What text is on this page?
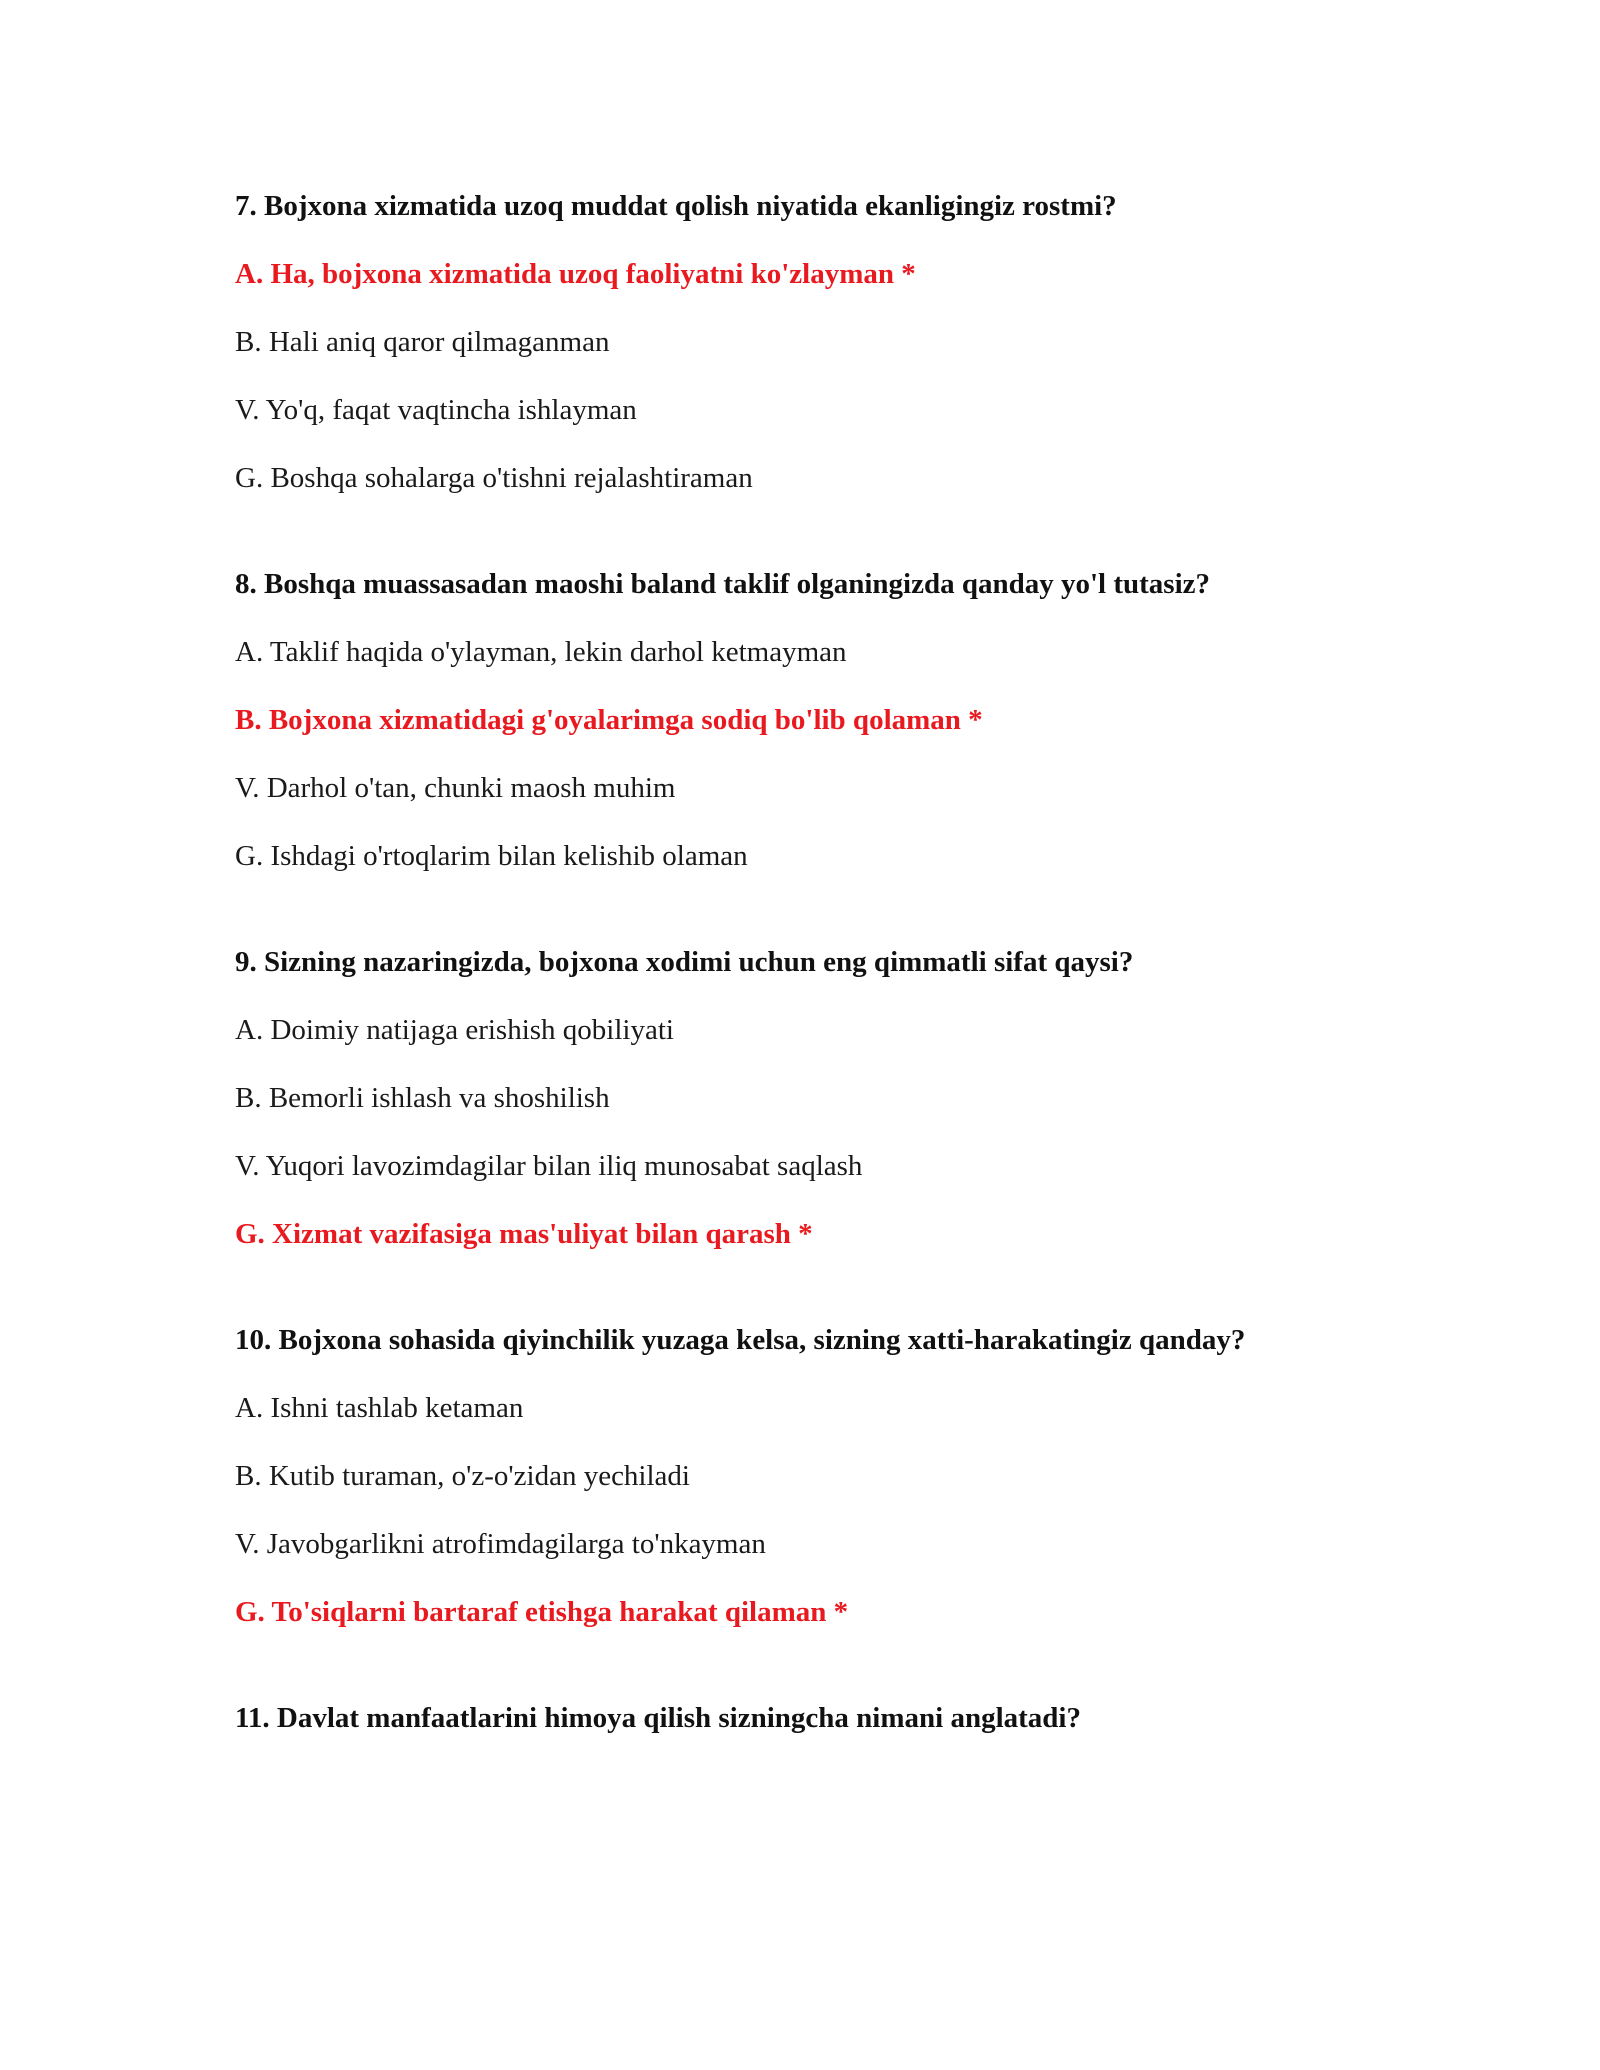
7. Bojxona xizmatida uzoq muddat qolish niyatida ekanligingiz rostmi?
A. Ha, bojxona xizmatida uzoq faoliyatni ko'zlayman *
B. Hali aniq qaror qilmaganman
V. Yo'q, faqat vaqtincha ishlayman
G. Boshqa sohalarga o'tishni rejalashtiraman
8. Boshqa muassasadan maoshi baland taklif olganingizda qanday yo'l tutasiz?
A. Taklif haqida o'ylayman, lekin darhol ketmayman
B. Bojxona xizmatidagi g'oyalarimga sodiq bo'lib qolaman *
V. Darhol o'tan, chunki maosh muhim
G. Ishdagi o'rtoqlarim bilan kelishib olaman
9. Sizning nazaringizda, bojxona xodimi uchun eng qimmatli sifat qaysi?
A. Doimiy natijaga erishish qobiliyati
B. Bemorli ishlash va shoshilish
V. Yuqori lavozimdagilar bilan iliq munosabat saqlash
G. Xizmat vazifasiga mas'uliyat bilan qarash *
10. Bojxona sohasida qiyinchilik yuzaga kelsa, sizning xatti-harakatingiz qanday?
A. Ishni tashlab ketaman
B. Kutib turaman, o'z-o'zidan yechiladi
V. Javobgarlikni atrofimdagilarga to'nkayman
G. To'siqlarni bartaraf etishga harakat qilaman *
11. Davlat manfaatlarini himoya qilish sizningcha nimani anglatadi?
